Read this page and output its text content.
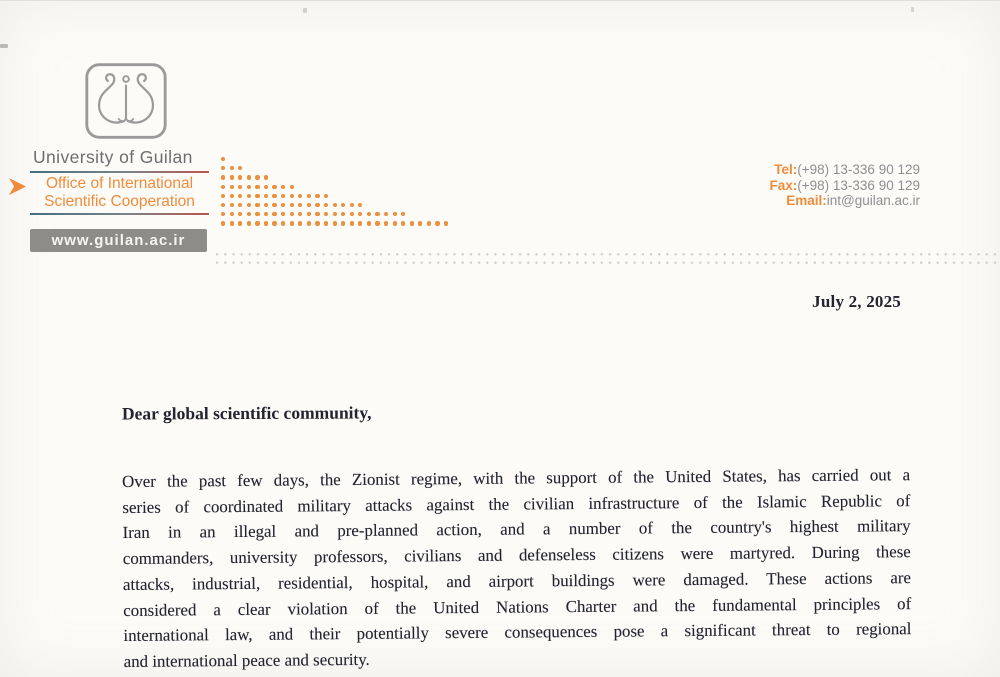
University of Guilan
Office of International
Scientific Cooperation
www.guilan.ac.ir
Tel:(+98) 13-336 90 129
Fax:(+98) 13-336 90 129
Email:int@guilan.ac.ir
July 2, 2025
Dear global scientific community,
Over the past few days, the Zionist regime, with the support of the United States, has carried out a
series of coordinated military attacks against the civilian infrastructure of the Islamic Republic of
Iran in an illegal and pre-planned action, and a number of the country's highest military
commanders, university professors, civilians and defenseless citizens were martyred. During these
attacks, industrial, residential, hospital, and airport buildings were damaged. These actions are
considered a clear violation of the United Nations Charter and the fundamental principles of
international law, and their potentially severe consequences pose a significant threat to regional
and international peace and security.
